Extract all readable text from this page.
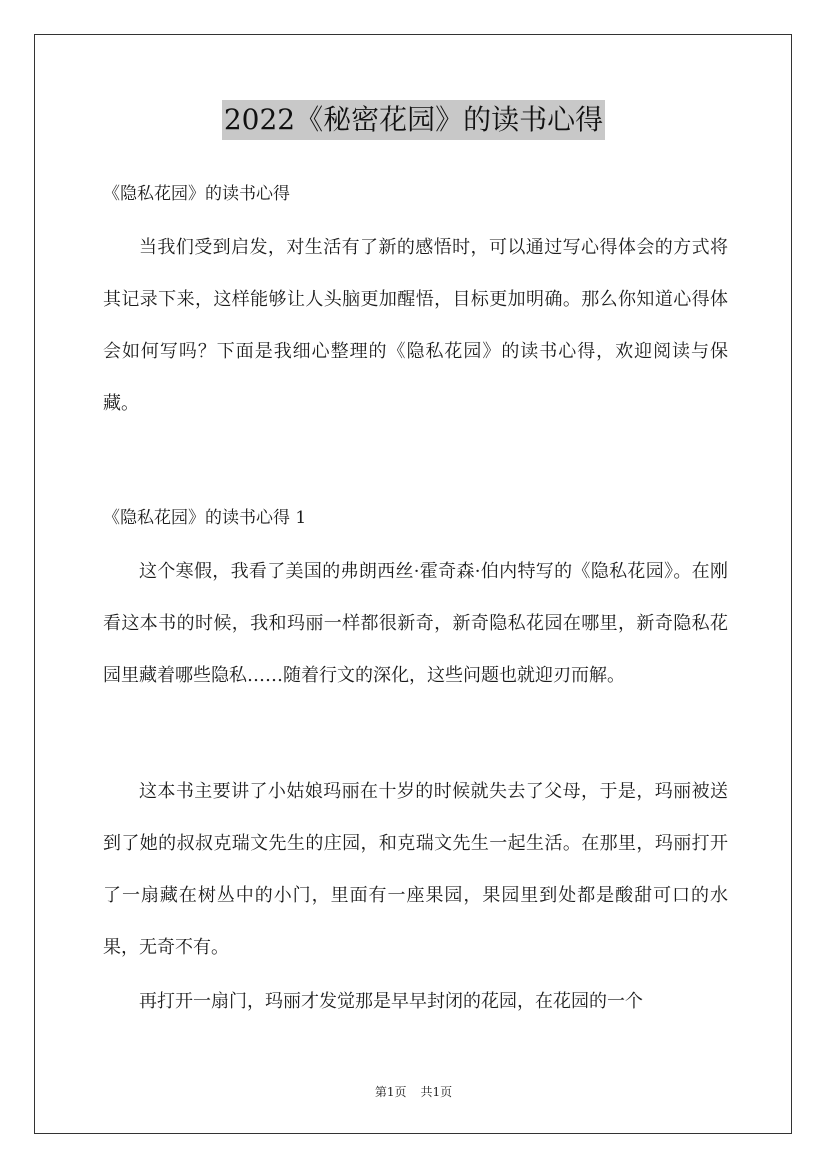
2022《秘密花园》的读书心得
《隐私花园》的读书心得

当我们受到启发，对生活有了新的感悟时，可以通过写心得体会的方式将其记录下来，这样能够让人头脑更加醒悟，目标更加明确。那么你知道心得体会如何写吗？下面是我细心整理的《隐私花园》的读书心得，欢迎阅读与保藏。

《隐私花园》的读书心得 1

这个寒假，我看了美国的弗朗西丝·霍奇森·伯内特写的《隐私花园》。在刚看这本书的时候，我和玛丽一样都很新奇，新奇隐私花园在哪里，新奇隐私花园里藏着哪些隐私……随着行文的深化，这些问题也就迎刃而解。

这本书主要讲了小姑娘玛丽在十岁的时候就失去了父母，于是，玛丽被送到了她的叔叔克瑞文先生的庄园，和克瑞文先生一起生活。在那里，玛丽打开了一扇藏在树丛中的小门，里面有一座果园，果园里到处都是酸甜可口的水果，无奇不有。

再打开一扇门，玛丽才发觉那是早早封闭的花园，在花园的一个

第1页 共1页
